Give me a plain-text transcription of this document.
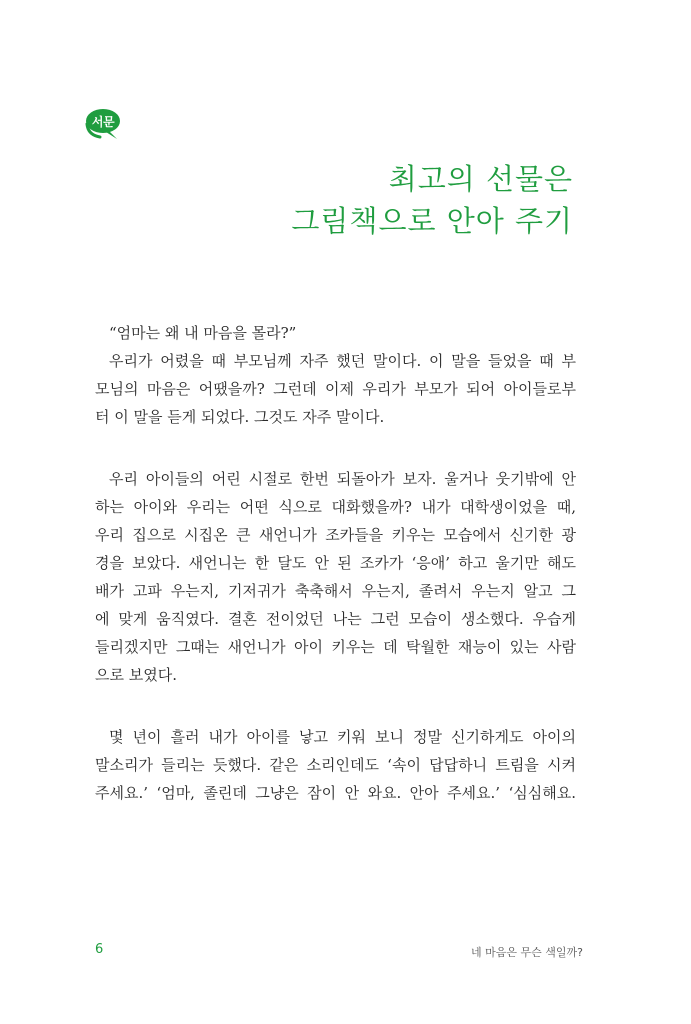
서문
최고의 선물은
그림책으로 안아 주기
“엄마는 왜 내 마음을 몰라?”
우리가 어렸을 때 부모님께 자주 했던 말이다. 이 말을 들었을 때 부
모님의 마음은 어땠을까? 그런데 이제 우리가 부모가 되어 아이들로부
터 이 말을 듣게 되었다. 그것도 자주 말이다.
우리 아이들의 어린 시절로 한번 되돌아가 보자. 울거나 웃기밖에 안
하는 아이와 우리는 어떤 식으로 대화했을까? 내가 대학생이었을 때,
우리 집으로 시집온 큰 새언니가 조카들을 키우는 모습에서 신기한 광
경을 보았다. 새언니는 한 달도 안 된 조카가 ‘응애’ 하고 울기만 해도
배가 고파 우는지, 기저귀가 축축해서 우는지, 졸려서 우는지 알고 그
에 맞게 움직였다. 결혼 전이었던 나는 그런 모습이 생소했다. 우습게
들리겠지만 그때는 새언니가 아이 키우는 데 탁월한 재능이 있는 사람
으로 보였다.
몇 년이 흘러 내가 아이를 낳고 키워 보니 정말 신기하게도 아이의
말소리가 들리는 듯했다. 같은 소리인데도 ‘속이 답답하니 트림을 시켜
주세요.’ ‘엄마, 졸린데 그냥은 잠이 안 와요. 안아 주세요.’ ‘심심해요.
6	네 마음은 무슨 색일까?
